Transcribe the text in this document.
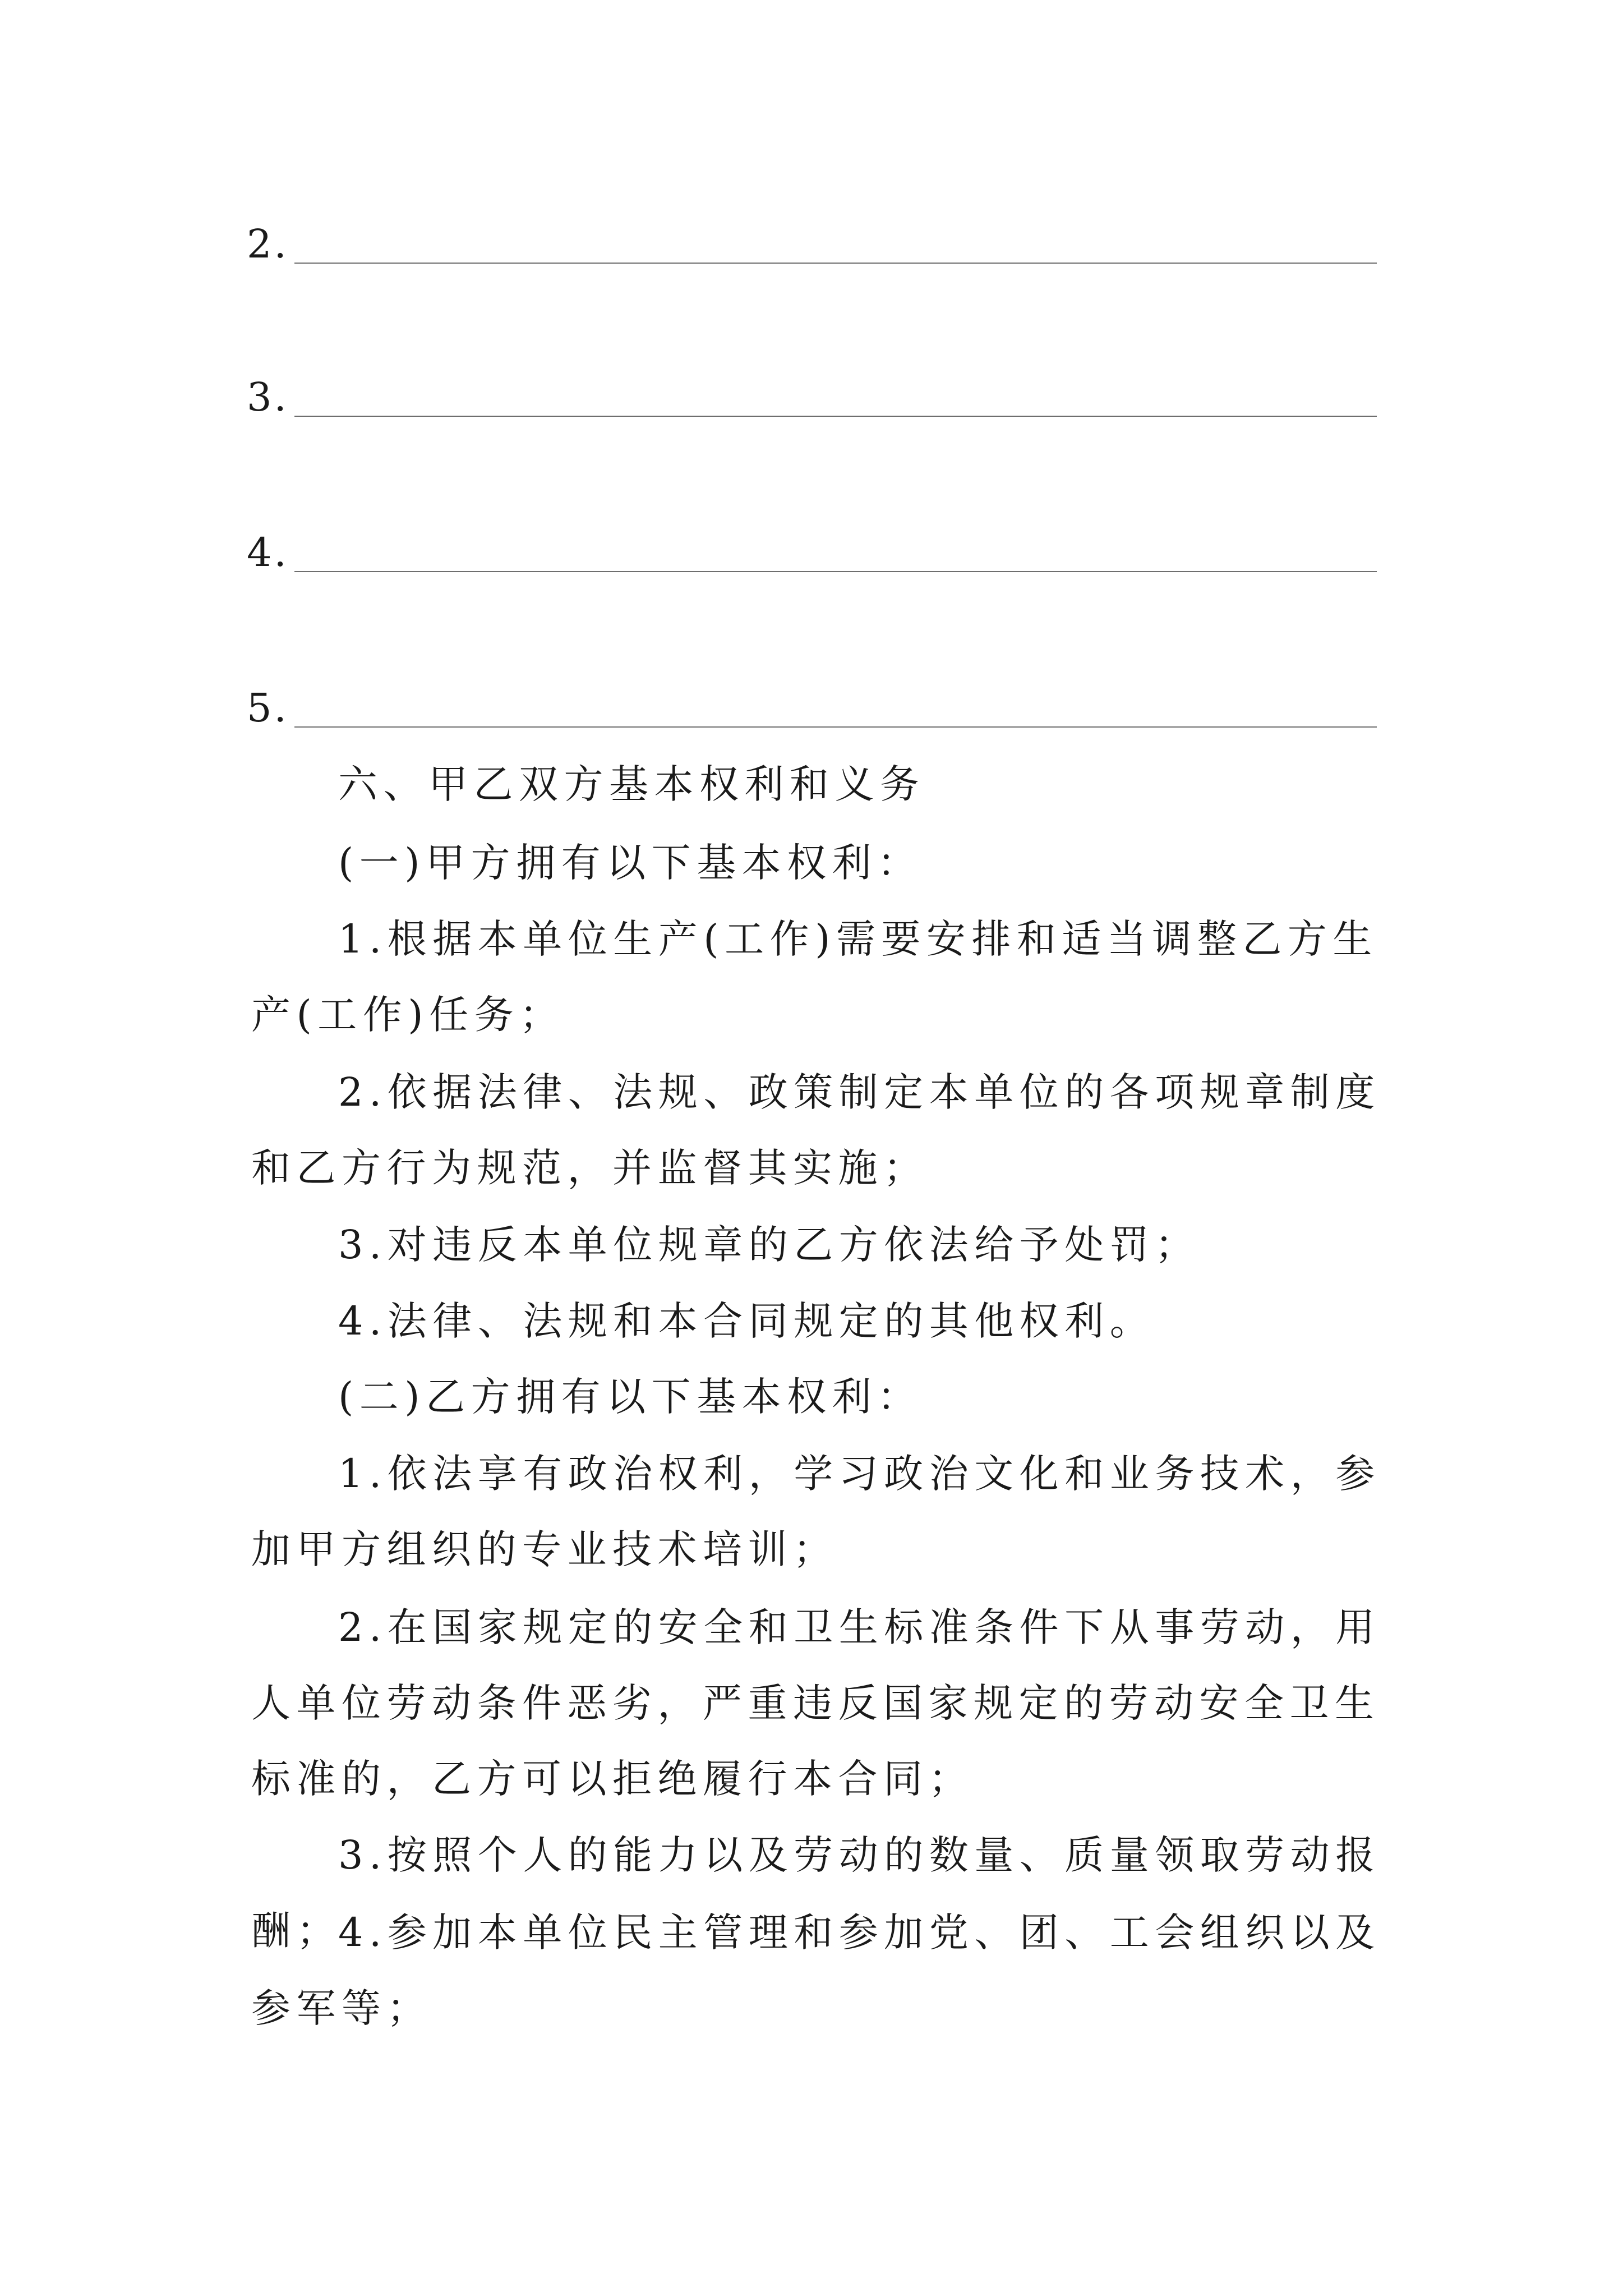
2.
3.
4.
5.

六、甲乙双方基本权利和义务

(一)甲方拥有以下基本权利：

1.根据本单位生产(工作)需要安排和适当调整乙方生产(工作)任务；

2.依据法律、法规、政策制定本单位的各项规章制度和乙方行为规范，并监督其实施；

3.对违反本单位规章的乙方依法给予处罚；

4.法律、法规和本合同规定的其他权利。

(二)乙方拥有以下基本权利：

1.依法享有政治权利，学习政治文化和业务技术，参加甲方组织的专业技术培训；

2.在国家规定的安全和卫生标准条件下从事劳动，用人单位劳动条件恶劣，严重违反国家规定的劳动安全卫生标准的，乙方可以拒绝履行本合同；

3.按照个人的能力以及劳动的数量、质量领取劳动报酬；

4.参加本单位民主管理和参加党、团、工会组织以及参军等；
